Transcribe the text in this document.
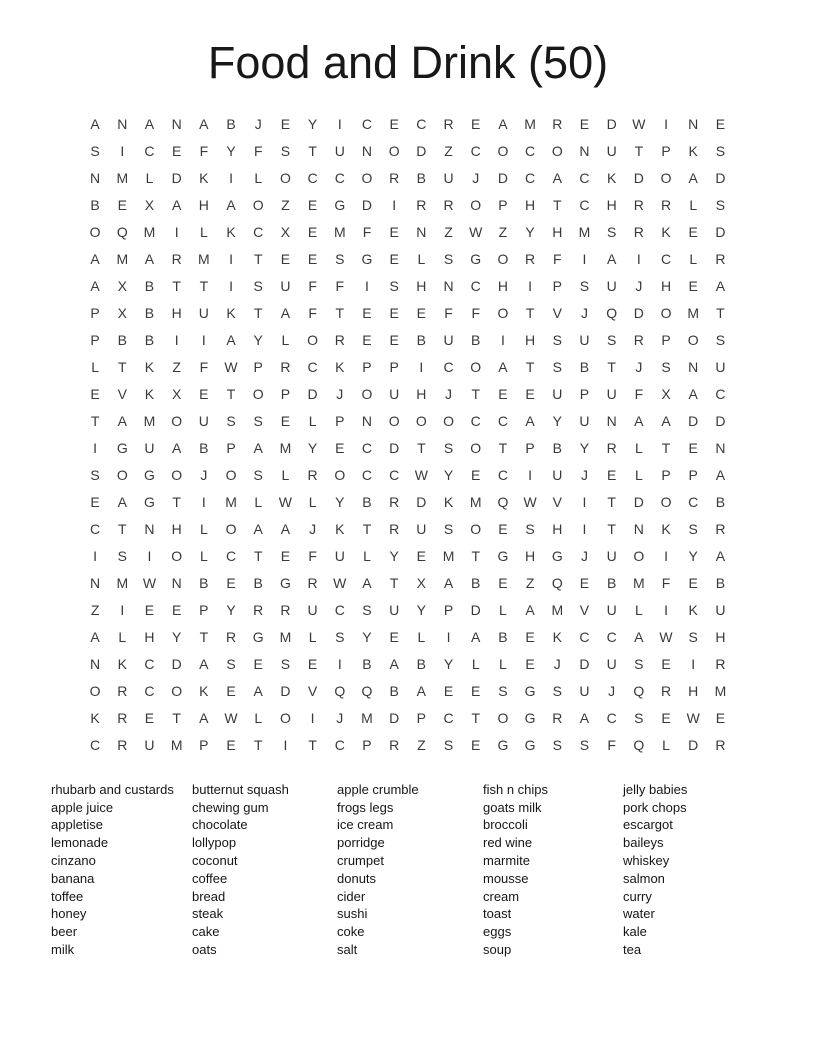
Food and Drink (50)
A	N	A	N	A	B	J	E	Y	I	C	E	C	R	E	A	M	R	E	D	W	I	N	E
S	I	C	E	F	Y	F	S	T	U	N	O	D	Z	C	O	C	O	N	U	T	P	K	S
N	M	L	D	K	I	L	O	C	C	O	R	B	U	J	D	C	A	C	K	D	O	A	D
B	E	X	A	H	A	O	Z	E	G	D	I	R	R	O	P	H	T	C	H	R	R	L	S
O	Q	M	I	L	K	C	X	E	M	F	E	N	Z	W	Z	Y	H	M	S	R	K	E	D
A	M	A	R	M	I	T	E	E	S	G	E	L	S	G	O	R	F	I	A	I	C	L	R
A	X	B	T	T	I	S	U	F	F	I	S	H	N	C	H	I	P	S	U	J	H	E	A
P	X	B	H	U	K	T	A	F	T	E	E	E	F	F	O	T	V	J	Q	D	O	M	T
P	B	B	I	I	A	Y	L	O	R	E	E	B	U	B	I	H	S	U	S	R	P	O	S
L	T	K	Z	F	W	P	R	C	K	P	P	I	C	O	A	T	S	B	T	J	S	N	U
E	V	K	X	E	T	O	P	D	J	O	U	H	J	T	E	E	U	P	U	F	X	A	C
T	A	M	O	U	S	S	E	L	P	N	O	O	O	C	C	A	Y	U	N	A	A	D	D
I	G	U	A	B	P	A	M	Y	E	C	D	T	S	O	T	P	B	Y	R	L	T	E	N
S	O	G	O	J	O	S	L	R	O	C	C	W	Y	E	C	I	U	J	E	L	P	P	A
E	A	G	T	I	M	L	W	L	Y	B	R	D	K	M	Q	W	V	I	T	D	O	C	B
C	T	N	H	L	O	A	A	J	K	T	R	U	S	O	E	S	H	I	T	N	K	S	R
I	S	I	O	L	C	T	E	F	U	L	Y	E	M	T	G	H	G	J	U	O	I	Y	A
N	M	W	N	B	E	B	G	R	W	A	T	X	A	B	E	Z	Q	E	B	M	F	E	B
Z	I	E	E	P	Y	R	R	U	C	S	U	Y	P	D	L	A	M	V	U	L	I	K	U
A	L	H	Y	T	R	G	M	L	S	Y	E	L	I	A	B	E	K	C	C	A	W	S	H
N	K	C	D	A	S	E	S	E	I	B	A	B	Y	L	L	E	J	D	U	S	E	I	R
O	R	C	O	K	E	A	D	V	Q	Q	B	A	E	E	S	G	S	U	J	Q	R	H	M
K	R	E	T	A	W	L	O	I	J	M	D	P	C	T	O	G	R	A	C	S	E	W	E
C	R	U	M	P	E	T	I	T	C	P	R	Z	S	E	G	G	S	S	F	Q	L	D	R
rhubarb and custards
apple juice
appletise
lemonade
cinzano
banana
toffee
honey
beer
milk
butternut squash
chewing gum
chocolate
lollypop
coconut
coffee
bread
steak
cake
oats
apple crumble
frogs legs
ice cream
porridge
crumpet
donuts
cider
sushi
coke
salt
fish n chips
goats milk
broccoli
red wine
marmite
mousse
cream
toast
eggs
soup
jelly babies
pork chops
escargot
baileys
whiskey
salmon
curry
water
kale
tea
